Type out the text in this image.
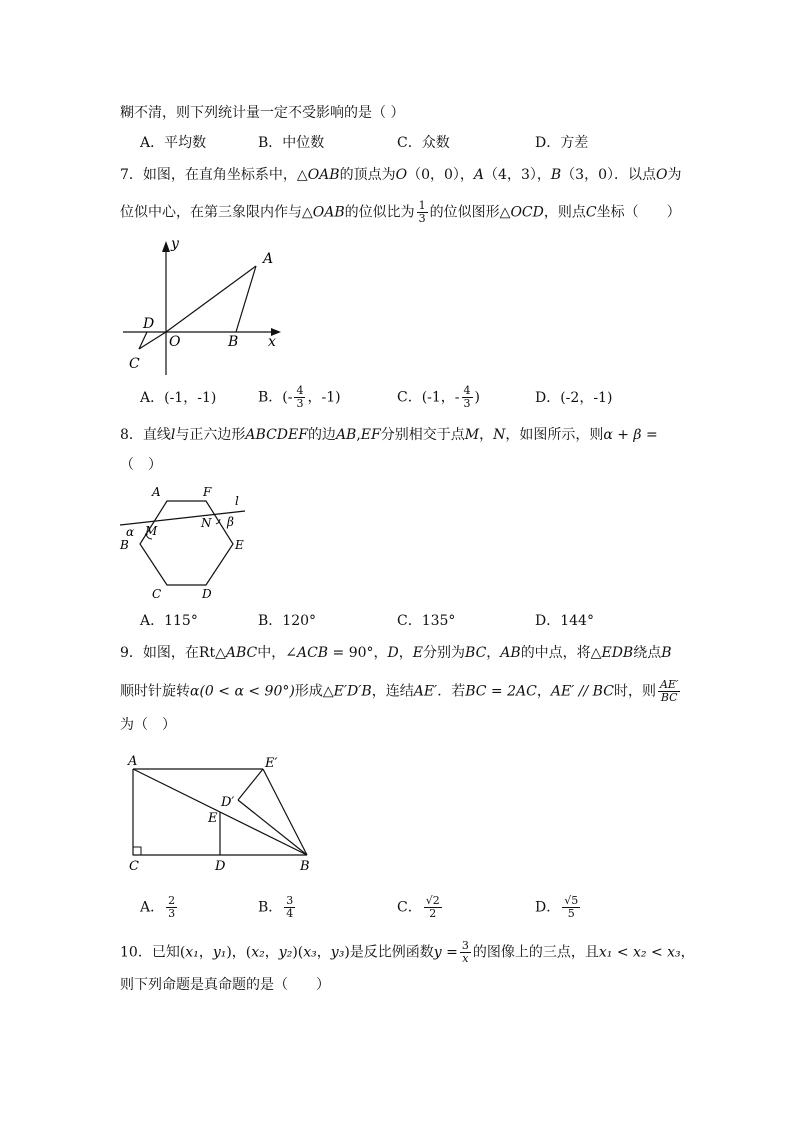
糊不清，则下列统计量一定不受影响的是（ ）
A．平均数	B．中位数	C．众数	D．方差
7．如图，在直角坐标系中，△OAB的顶点为O（0，0），A（4，3），B（3，0）．以点O为
位似中心，在第三象限内作与△OAB的位似比为 $\frac{1}{3}$ 的位似图形△OCD，则点C坐标（　　）
y
A
B x
O
D
C
A．(-1，-1)	B．(- $\frac{4}{3}$ ，-1)	C．(-1，- $\frac{4}{3}$ )	D．(-2，-1)
8．直线l与正六边形ABCDEF的边AB,EF分别相交于点M，N，如图所示，则α + β =
（　）
A	F
l
N β
α M
B	E
C	D
A．115°	B．120°	C．135°	D．144°
9．如图，在Rt△ABC中，∠ACB = 90°，D，E分别为BC，AB的中点，将△EDB绕点B
顺时针旋转α(0 < α < 90°)形成△E′D′B，连结AE′．若BC = 2AC，AE′ // BC时，则 $\frac{AE'}{BC}$
为（　）
A	E′
D′
E
C	D	B
A． $\frac{2}{3}$	B． $\frac{3}{4}$	C． $\frac{√2}{2}$	D． $\frac{√5}{5}$
10．已知(x₁，y₁)，(x₂，y₂)(x₃，y₃)是反比例函数$y = \frac{3}{x}$ 的图像上的三点，且x₁ < x₂ < x₃，
则下列命题是真命题的是（　　）
